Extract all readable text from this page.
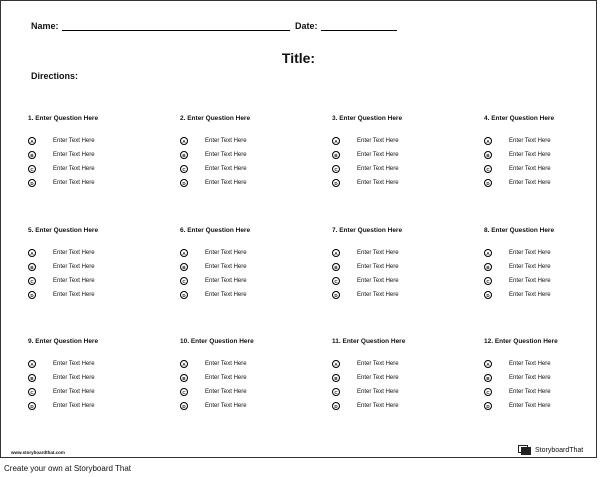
Name:	Date:
Title:
Directions:
1. Enter Question Here
A	Enter Text Here
B	Enter Text Here
C	Enter Text Here
D	Enter Text Here
2. Enter Question Here
A	Enter Text Here
B	Enter Text Here
C	Enter Text Here
D	Enter Text Here
3. Enter Question Here
A	Enter Text Here
B	Enter Text Here
C	Enter Text Here
D	Enter Text Here
4. Enter Question Here
A	Enter Text Here
B	Enter Text Here
C	Enter Text Here
D	Enter Text Here
5. Enter Question Here
A	Enter Text Here
B	Enter Text Here
C	Enter Text Here
D	Enter Text Here
6. Enter Question Here
A	Enter Text Here
B	Enter Text Here
C	Enter Text Here
D	Enter Text Here
7. Enter Question Here
A	Enter Text Here
B	Enter Text Here
C	Enter Text Here
D	Enter Text Here
8. Enter Question Here
A	Enter Text Here
B	Enter Text Here
C	Enter Text Here
D	Enter Text Here
9. Enter Question Here
A	Enter Text Here
B	Enter Text Here
C	Enter Text Here
D	Enter Text Here
10. Enter Question Here
A	Enter Text Here
B	Enter Text Here
C	Enter Text Here
D	Enter Text Here
11. Enter Question Here
A	Enter Text Here
B	Enter Text Here
C	Enter Text Here
D	Enter Text Here
12. Enter Question Here
A	Enter Text Here
B	Enter Text Here
C	Enter Text Here
D	Enter Text Here
www.storyboardthat.com	StoryboardThat
Create your own at Storyboard That
